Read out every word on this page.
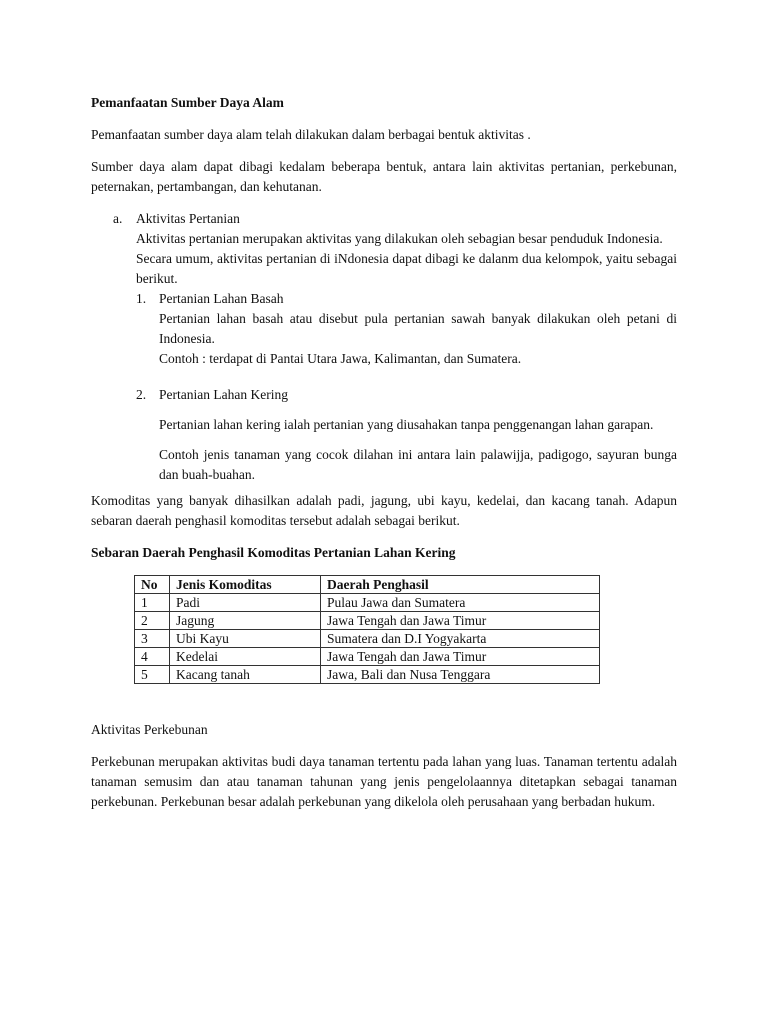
Pemanfaatan Sumber Daya Alam

Pemanfaatan sumber daya alam telah dilakukan dalam berbagai bentuk aktivitas .

Sumber daya alam dapat dibagi kedalam beberapa bentuk, antara lain aktivitas pertanian, perkebunan, peternakan, pertambangan, dan kehutanan.

a. Aktivitas Pertanian

Aktivitas pertanian merupakan aktivitas yang dilakukan oleh sebagian besar penduduk Indonesia.

Secara umum, aktivitas pertanian di iNdonesia dapat dibagi ke dalanm dua kelompok, yaitu sebagai berikut.

1. Pertanian Lahan Basah

Pertanian lahan basah atau disebut pula pertanian sawah banyak dilakukan oleh petani di Indonesia.

Contoh : terdapat di Pantai Utara Jawa, Kalimantan, dan Sumatera.

2. Pertanian Lahan Kering

Pertanian lahan kering ialah pertanian yang diusahakan tanpa penggenangan lahan garapan.

Contoh jenis tanaman yang cocok dilahan ini antara lain palawijja, padigogo, sayuran bunga dan buah-buahan.

Komoditas yang banyak dihasilkan adalah padi, jagung, ubi kayu, kedelai, dan kacang tanah. Adapun sebaran daerah penghasil komoditas tersebut adalah sebagai berikut.

Sebaran Daerah Penghasil Komoditas Pertanian Lahan Kering
No	Jenis Komoditas	Daerah Penghasil
1	Padi	Pulau Jawa dan Sumatera
2	Jagung	Jawa Tengah dan Jawa Timur
3	Ubi Kayu	Sumatera dan D.I Yogyakarta
4	Kedelai	Jawa Tengah dan Jawa Timur
5	Kacang tanah	Jawa, Bali dan Nusa Tenggara

Aktivitas Perkebunan

Perkebunan merupakan aktivitas budi daya tanaman tertentu pada lahan yang luas. Tanaman tertentu adalah tanaman semusim dan atau tanaman tahunan yang jenis pengelolaannya ditetapkan sebagai tanaman perkebunan. Perkebunan besar adalah perkebunan yang dikelola oleh perusahaan yang berbadan hukum.
